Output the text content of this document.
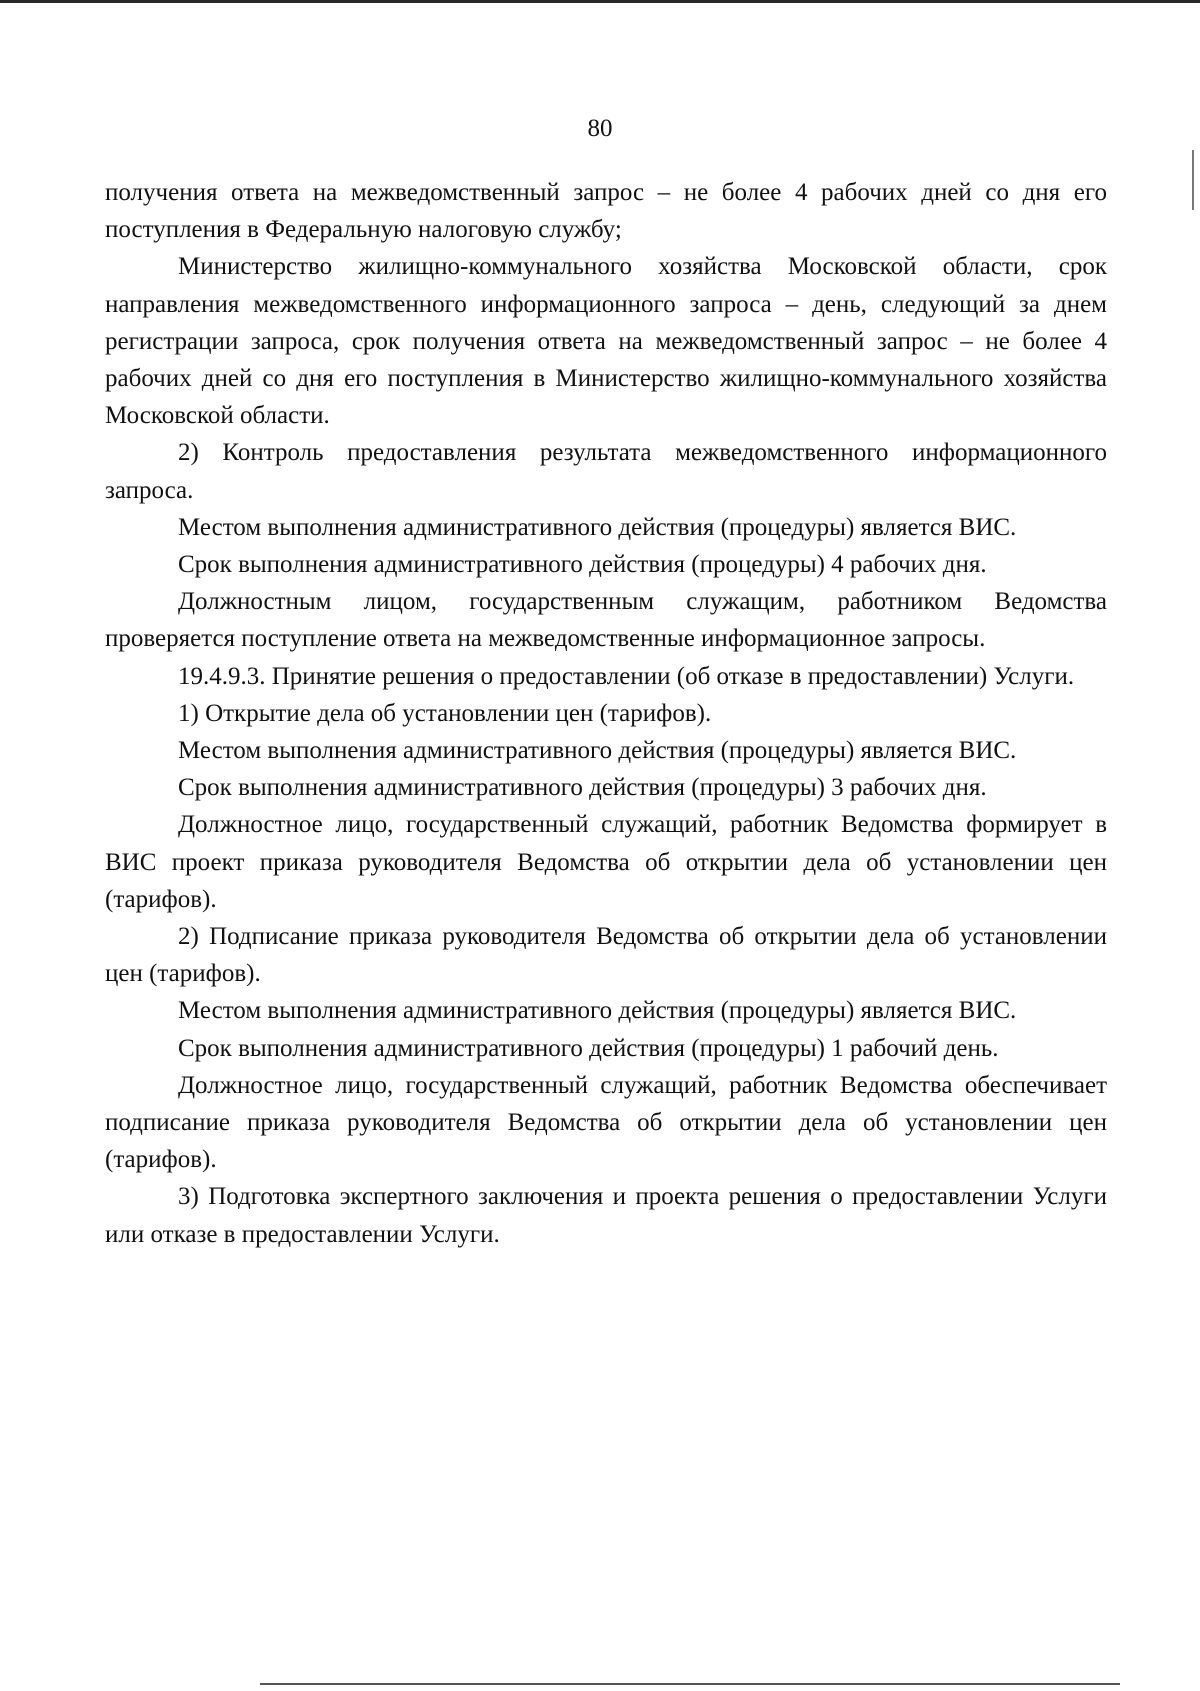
80

получения ответа на межведомственный запрос – не более 4 рабочих дней со дня его поступления в Федеральную налоговую службу;

Министерство жилищно-коммунального хозяйства Московской области, срок направления межведомственного информационного запроса – день, следующий за днем регистрации запроса, срок получения ответа на межведомственный запрос – не более 4 рабочих дней со дня его поступления в Министерство жилищно-коммунального хозяйства Московской области.

2) Контроль предоставления результата межведомственного информационного запроса.

Местом выполнения административного действия (процедуры) является ВИС.

Срок выполнения административного действия (процедуры) 4 рабочих дня.

Должностным лицом, государственным служащим, работником Ведомства проверяется поступление ответа на межведомственные информационное запросы.

19.4.9.3. Принятие решения о предоставлении (об отказе в предоставлении) Услуги.

1) Открытие дела об установлении цен (тарифов).

Местом выполнения административного действия (процедуры) является ВИС.

Срок выполнения административного действия (процедуры) 3 рабочих дня.

Должностное лицо, государственный служащий, работник Ведомства формирует в ВИС проект приказа руководителя Ведомства об открытии дела об установлении цен (тарифов).

2) Подписание приказа руководителя Ведомства об открытии дела об установлении цен (тарифов).

Местом выполнения административного действия (процедуры) является ВИС.

Срок выполнения административного действия (процедуры) 1 рабочий день.

Должностное лицо, государственный служащий, работник Ведомства обеспечивает подписание приказа руководителя Ведомства об открытии дела об установлении цен (тарифов).

3) Подготовка экспертного заключения и проекта решения о предоставлении Услуги или отказе в предоставлении Услуги.
